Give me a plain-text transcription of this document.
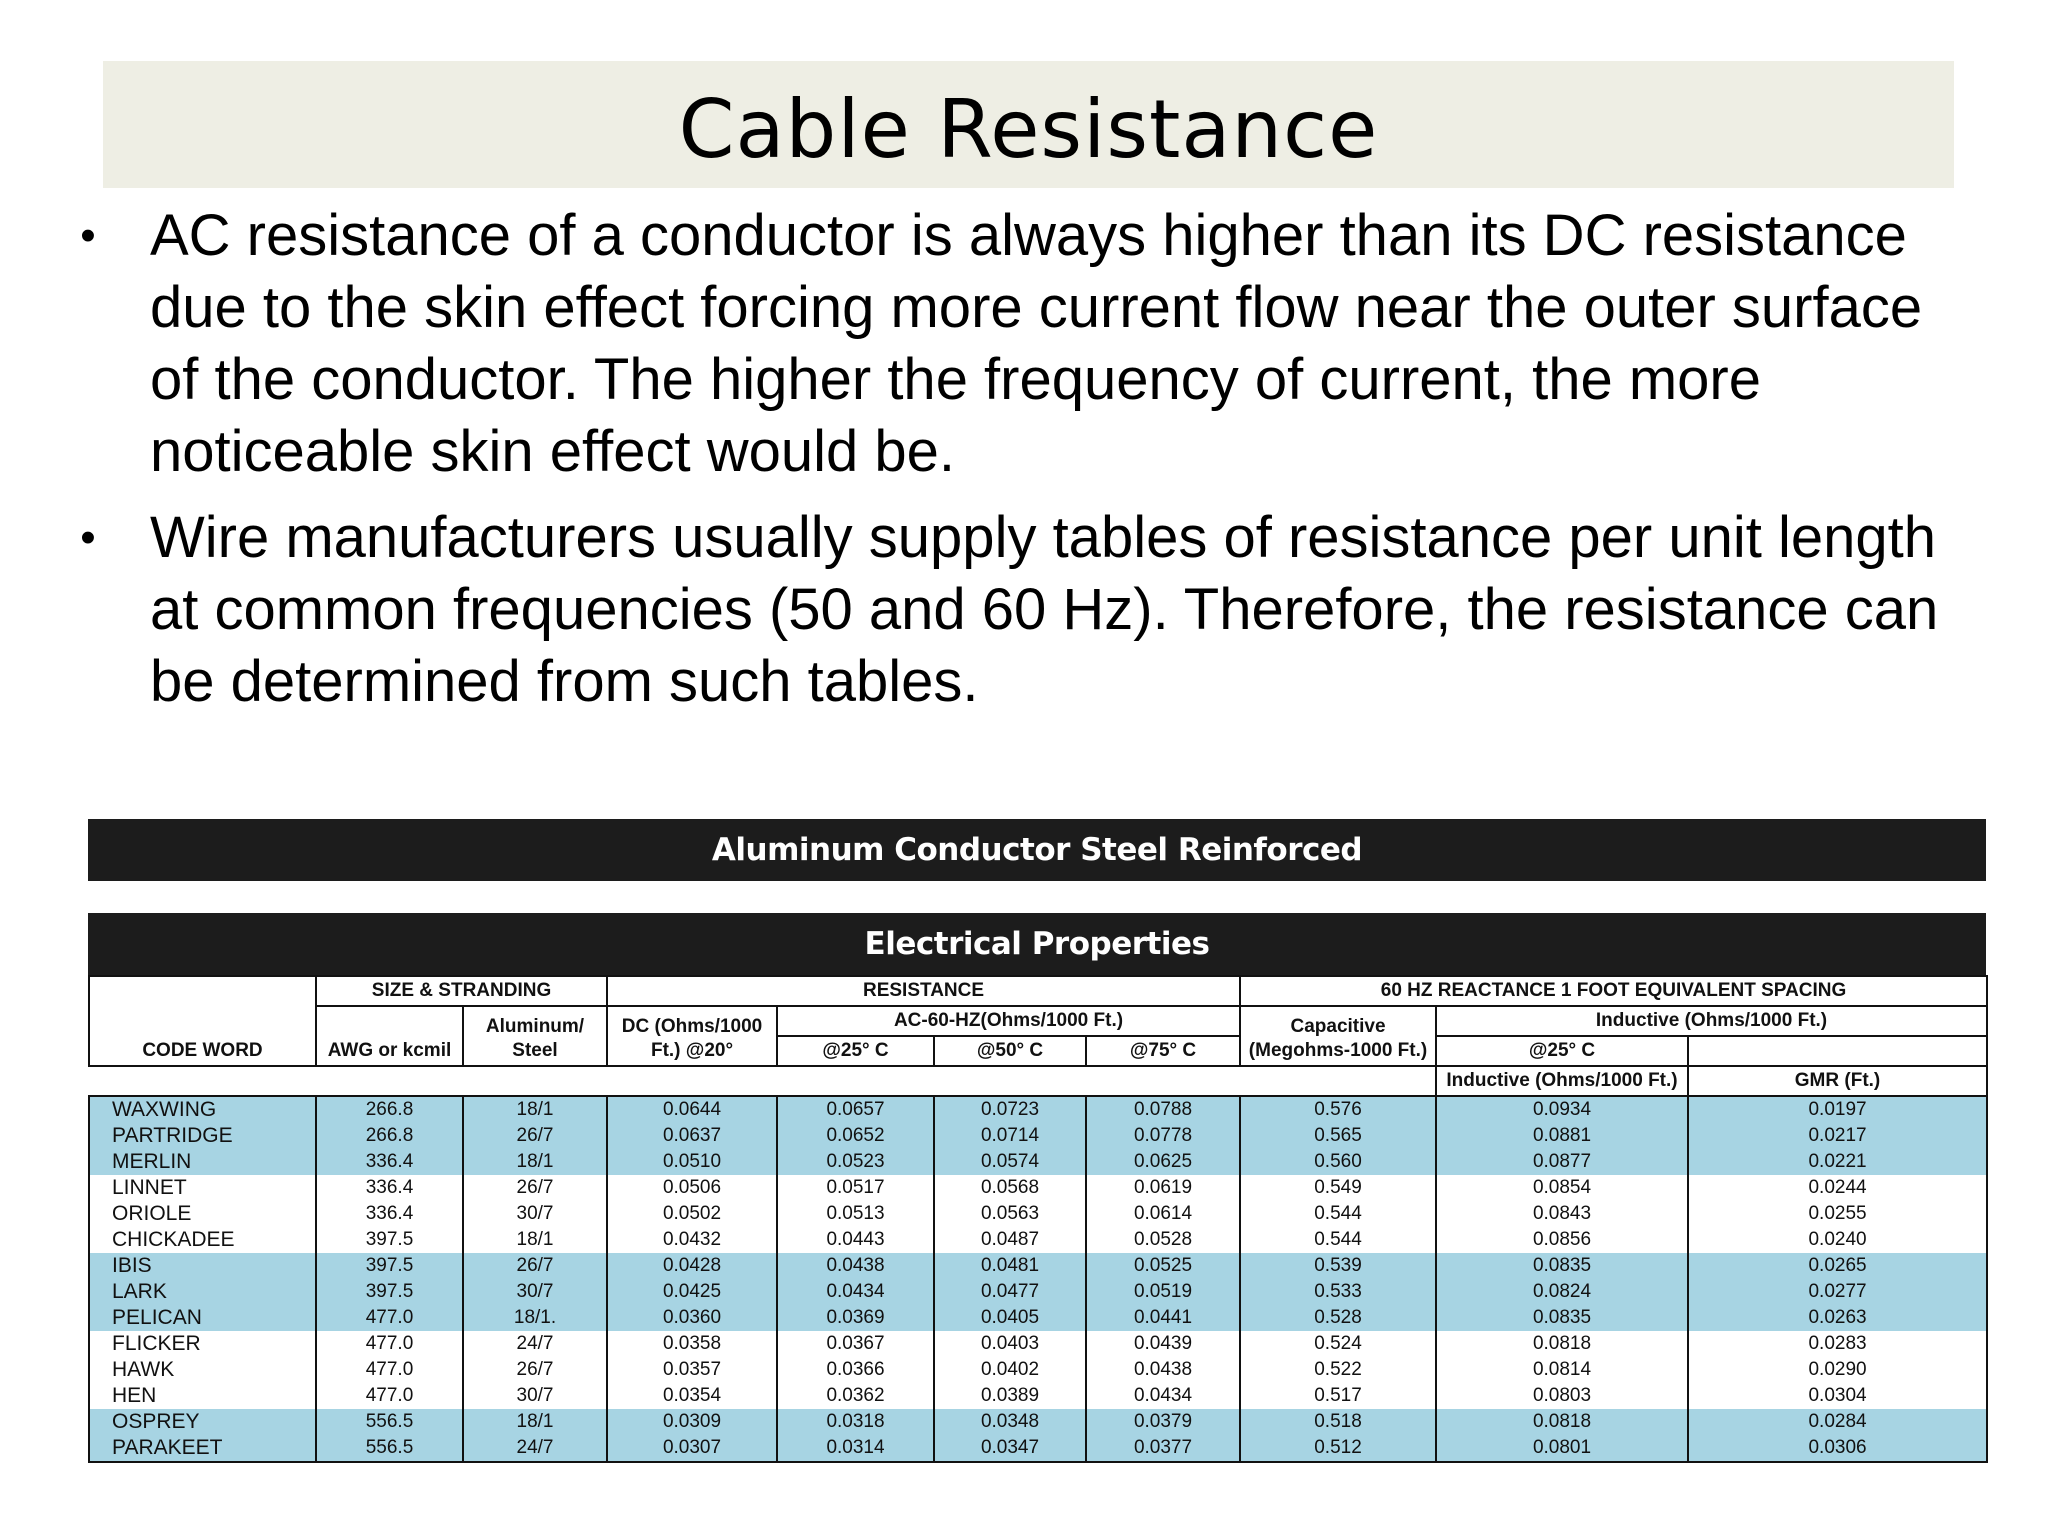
Cable Resistance
• AC resistance of a conductor is always higher than its DC resistance due to the skin effect forcing more current flow near the outer surface of the conductor. The higher the frequency of current, the more noticeable skin effect would be.
• Wire manufacturers usually supply tables of resistance per unit length at common frequencies (50 and 60 Hz). Therefore, the resistance can be determined from such tables.
Aluminum Conductor Steel Reinforced
Electrical Properties
CODE WORD	SIZE & STRANDING		RESISTANCE				60 HZ REACTANCE 1 FOOT EQUIVALENT SPACING		
	AWG or kcmil	Aluminum/ Steel	DC (Ohms/1000 Ft.) @20°	AC-60-HZ(Ohms/1000 Ft.)			Capacitive (Megohms-1000 Ft.)	Inductive (Ohms/1000 Ft.)	
				@25° C	@50° C	@75° C		@25° C	
								Inductive (Ohms/1000 Ft.)	GMR (Ft.)
WAXWING	266.8	18/1	0.0644	0.0657	0.0723	0.0788	0.576	0.0934	0.0197
PARTRIDGE	266.8	26/7	0.0637	0.0652	0.0714	0.0778	0.565	0.0881	0.0217
MERLIN	336.4	18/1	0.0510	0.0523	0.0574	0.0625	0.560	0.0877	0.0221
LINNET	336.4	26/7	0.0506	0.0517	0.0568	0.0619	0.549	0.0854	0.0244
ORIOLE	336.4	30/7	0.0502	0.0513	0.0563	0.0614	0.544	0.0843	0.0255
CHICKADEE	397.5	18/1	0.0432	0.0443	0.0487	0.0528	0.544	0.0856	0.0240
IBIS	397.5	26/7	0.0428	0.0438	0.0481	0.0525	0.539	0.0835	0.0265
LARK	397.5	30/7	0.0425	0.0434	0.0477	0.0519	0.533	0.0824	0.0277
PELICAN	477.0	18/1.	0.0360	0.0369	0.0405	0.0441	0.528	0.0835	0.0263
FLICKER	477.0	24/7	0.0358	0.0367	0.0403	0.0439	0.524	0.0818	0.0283
HAWK	477.0	26/7	0.0357	0.0366	0.0402	0.0438	0.522	0.0814	0.0290
HEN	477.0	30/7	0.0354	0.0362	0.0389	0.0434	0.517	0.0803	0.0304
OSPREY	556.5	18/1	0.0309	0.0318	0.0348	0.0379	0.518	0.0818	0.0284
PARAKEET	556.5	24/7	0.0307	0.0314	0.0347	0.0377	0.512	0.0801	0.0306
